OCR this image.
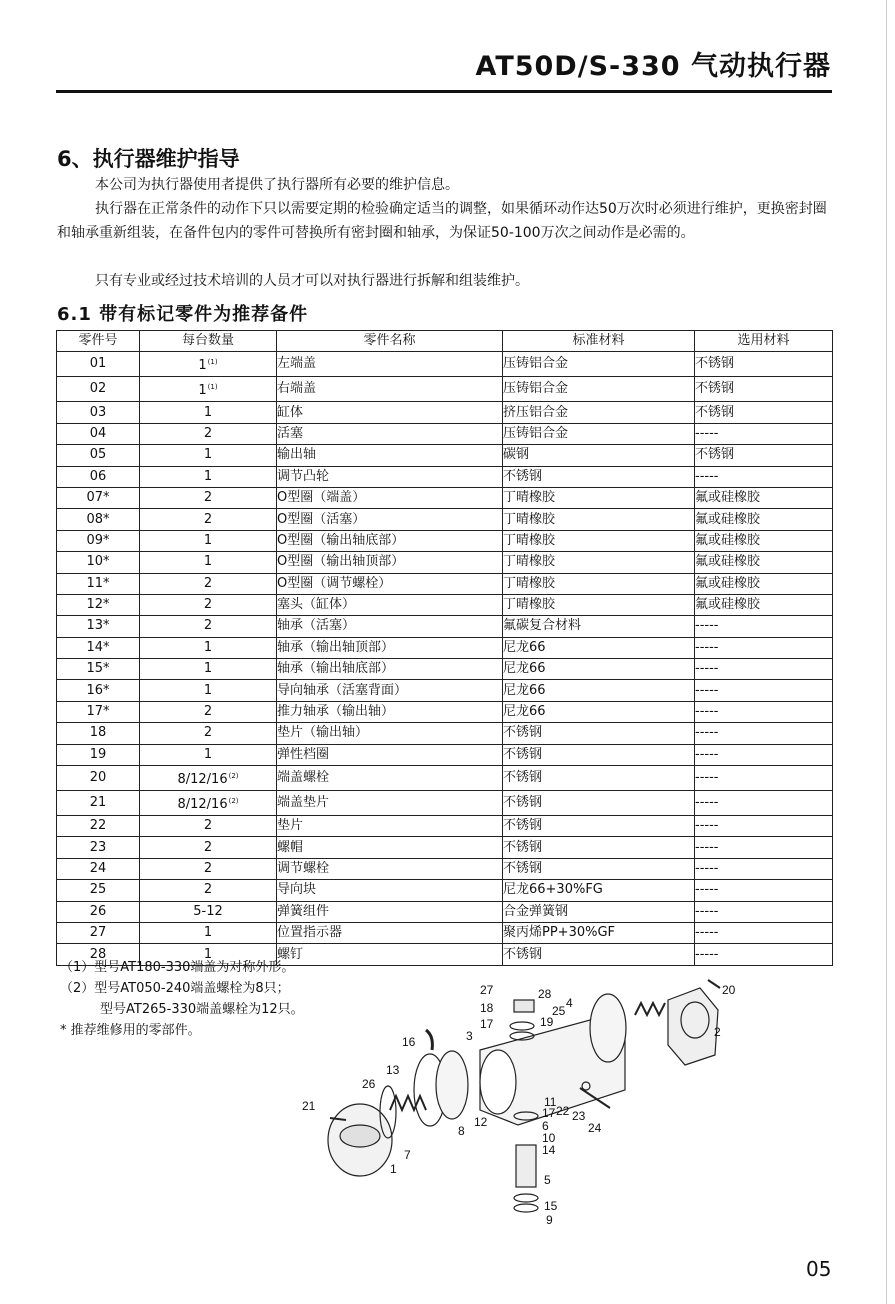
AT50D/S-330 气动执行器
6、执行器维护指导
本公司为执行器使用者提供了执行器所有必要的维护信息。
执行器在正常条件的动作下只以需要定期的检验确定适当的调整，如果循环动作达50万次时必须进行维护，更换密封圈和轴承重新组装，在备件包内的零件可替换所有密封圈和轴承，为保证50-100万次之间动作是必需的。
只有专业或经过技术培训的人员才可以对执行器进行拆解和组装维护。
6.1 带有标记零件为推荐备件
零件号	每台数量	零件名称	标准材料	选用材料
01	1$^{(1)}$	左端盖	压铸铝合金	不锈钢
02	1$^{(1)}$	右端盖	压铸铝合金	不锈钢
03	1	缸体	挤压铝合金	不锈钢
04	2	活塞	压铸铝合金	-----
05	1	输出轴	碳钢	不锈钢
06	1	调节凸轮	不锈钢	-----
07*	2	O型圈（端盖）	丁晴橡胶	氟或硅橡胶
08*	2	O型圈（活塞）	丁晴橡胶	氟或硅橡胶
09*	1	O型圈（输出轴底部）	丁晴橡胶	氟或硅橡胶
10*	1	O型圈（输出轴顶部）	丁晴橡胶	氟或硅橡胶
11*	2	O型圈（调节螺栓）	丁晴橡胶	氟或硅橡胶
12*	2	塞头（缸体）	丁晴橡胶	氟或硅橡胶
13*	2	轴承（活塞）	氟碳复合材料	-----
14*	1	轴承（输出轴顶部）	尼龙66	-----
15*	1	轴承（输出轴底部）	尼龙66	-----
16*	1	导向轴承（活塞背面）	尼龙66	-----
17*	2	推力轴承（输出轴）	尼龙66	-----
18	2	垫片（输出轴）	不锈钢	-----
19	1	弹性档圈	不锈钢	-----
20	8/12/16$^{(2)}$	端盖螺栓	不锈钢	-----
21	8/12/16$^{(2)}$	端盖垫片	不锈钢	-----
22	2	垫片	不锈钢	-----
23	2	螺帽	不锈钢	-----
24	2	调节螺栓	不锈钢	-----
25	2	导向块	尼龙66+30%FG	-----
26	5-12	弹簧组件	合金弹簧钢	-----
27	1	位置指示器	聚丙烯PP+30%GF	-----
28	1	螺钉	不锈钢	-----
（1）型号AT180-330端盖为对称外形。
（2）型号AT050-240端盖螺栓为8只；
型号AT265-330端盖螺栓为12只。
* 推荐维修用的零部件。
27	28
18	25
4
20
17	19
2
3
16
13
26
21
12
8
7
1
11
22 23
24
17
6
10
14
5
15
9
05
